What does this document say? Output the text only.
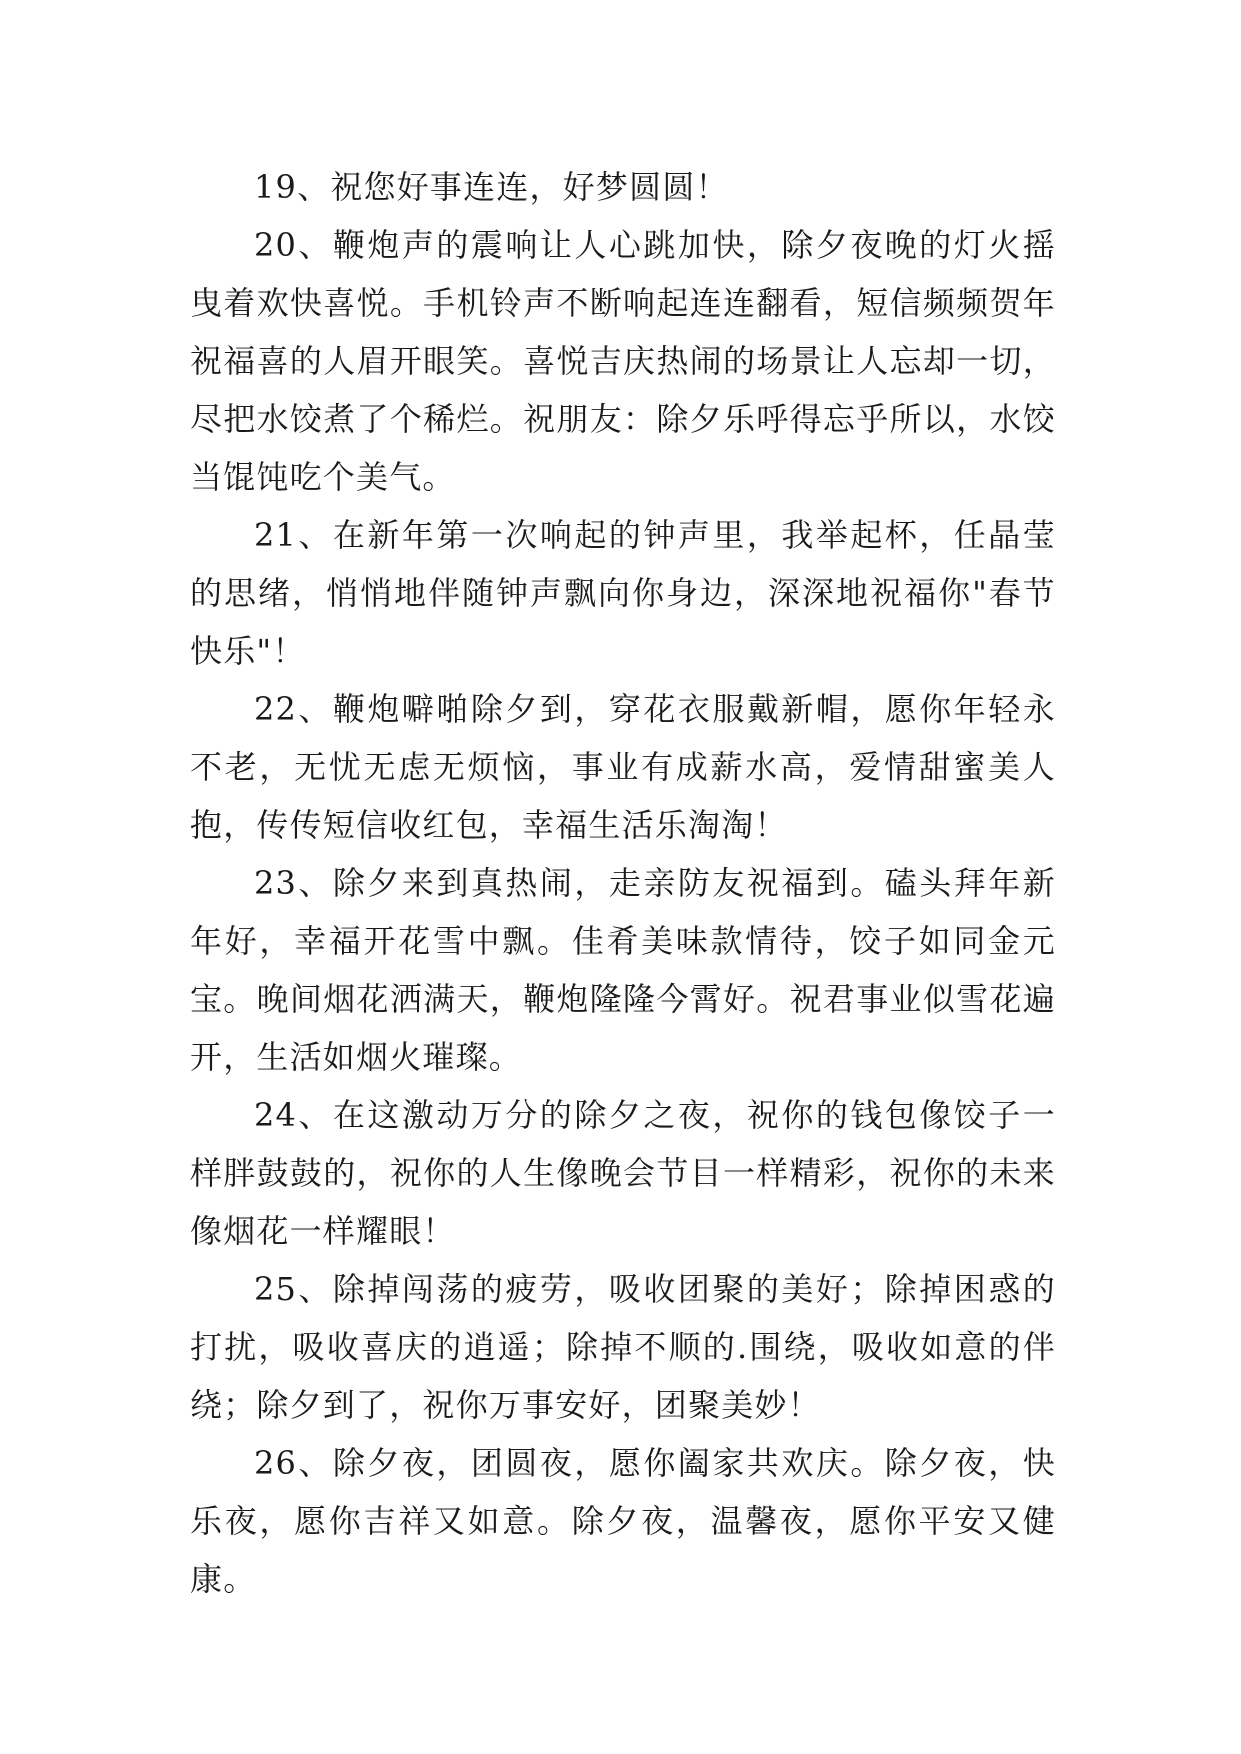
19、祝您好事连连，好梦圆圆！

20、鞭炮声的震响让人心跳加快，除夕夜晚的灯火摇曳着欢快喜悦。手机铃声不断响起连连翻看，短信频频贺年祝福喜的人眉开眼笑。喜悦吉庆热闹的场景让人忘却一切，尽把水饺煮了个稀烂。祝朋友：除夕乐呼得忘乎所以，水饺当馄饨吃个美气。

21、在新年第一次响起的钟声里，我举起杯，任晶莹的思绪，悄悄地伴随钟声飘向你身边，深深地祝福你"春节快乐"！

22、鞭炮噼啪除夕到，穿花衣服戴新帽，愿你年轻永不老，无忧无虑无烦恼，事业有成薪水高，爱情甜蜜美人抱，传传短信收红包，幸福生活乐淘淘！

23、除夕来到真热闹，走亲防友祝福到。磕头拜年新年好，幸福开花雪中飘。佳肴美味款情待，饺子如同金元宝。晚间烟花洒满天，鞭炮隆隆今霄好。祝君事业似雪花遍开，生活如烟火璀璨。

24、在这激动万分的除夕之夜，祝你的钱包像饺子一样胖鼓鼓的，祝你的人生像晚会节目一样精彩，祝你的未来像烟花一样耀眼！

25、除掉闯荡的疲劳，吸收团聚的美好；除掉困惑的打扰，吸收喜庆的逍遥；除掉不顺的.围绕，吸收如意的伴绕；除夕到了，祝你万事安好，团聚美妙！

26、除夕夜，团圆夜，愿你阖家共欢庆。除夕夜，快乐夜，愿你吉祥又如意。除夕夜，温馨夜，愿你平安又健康。
